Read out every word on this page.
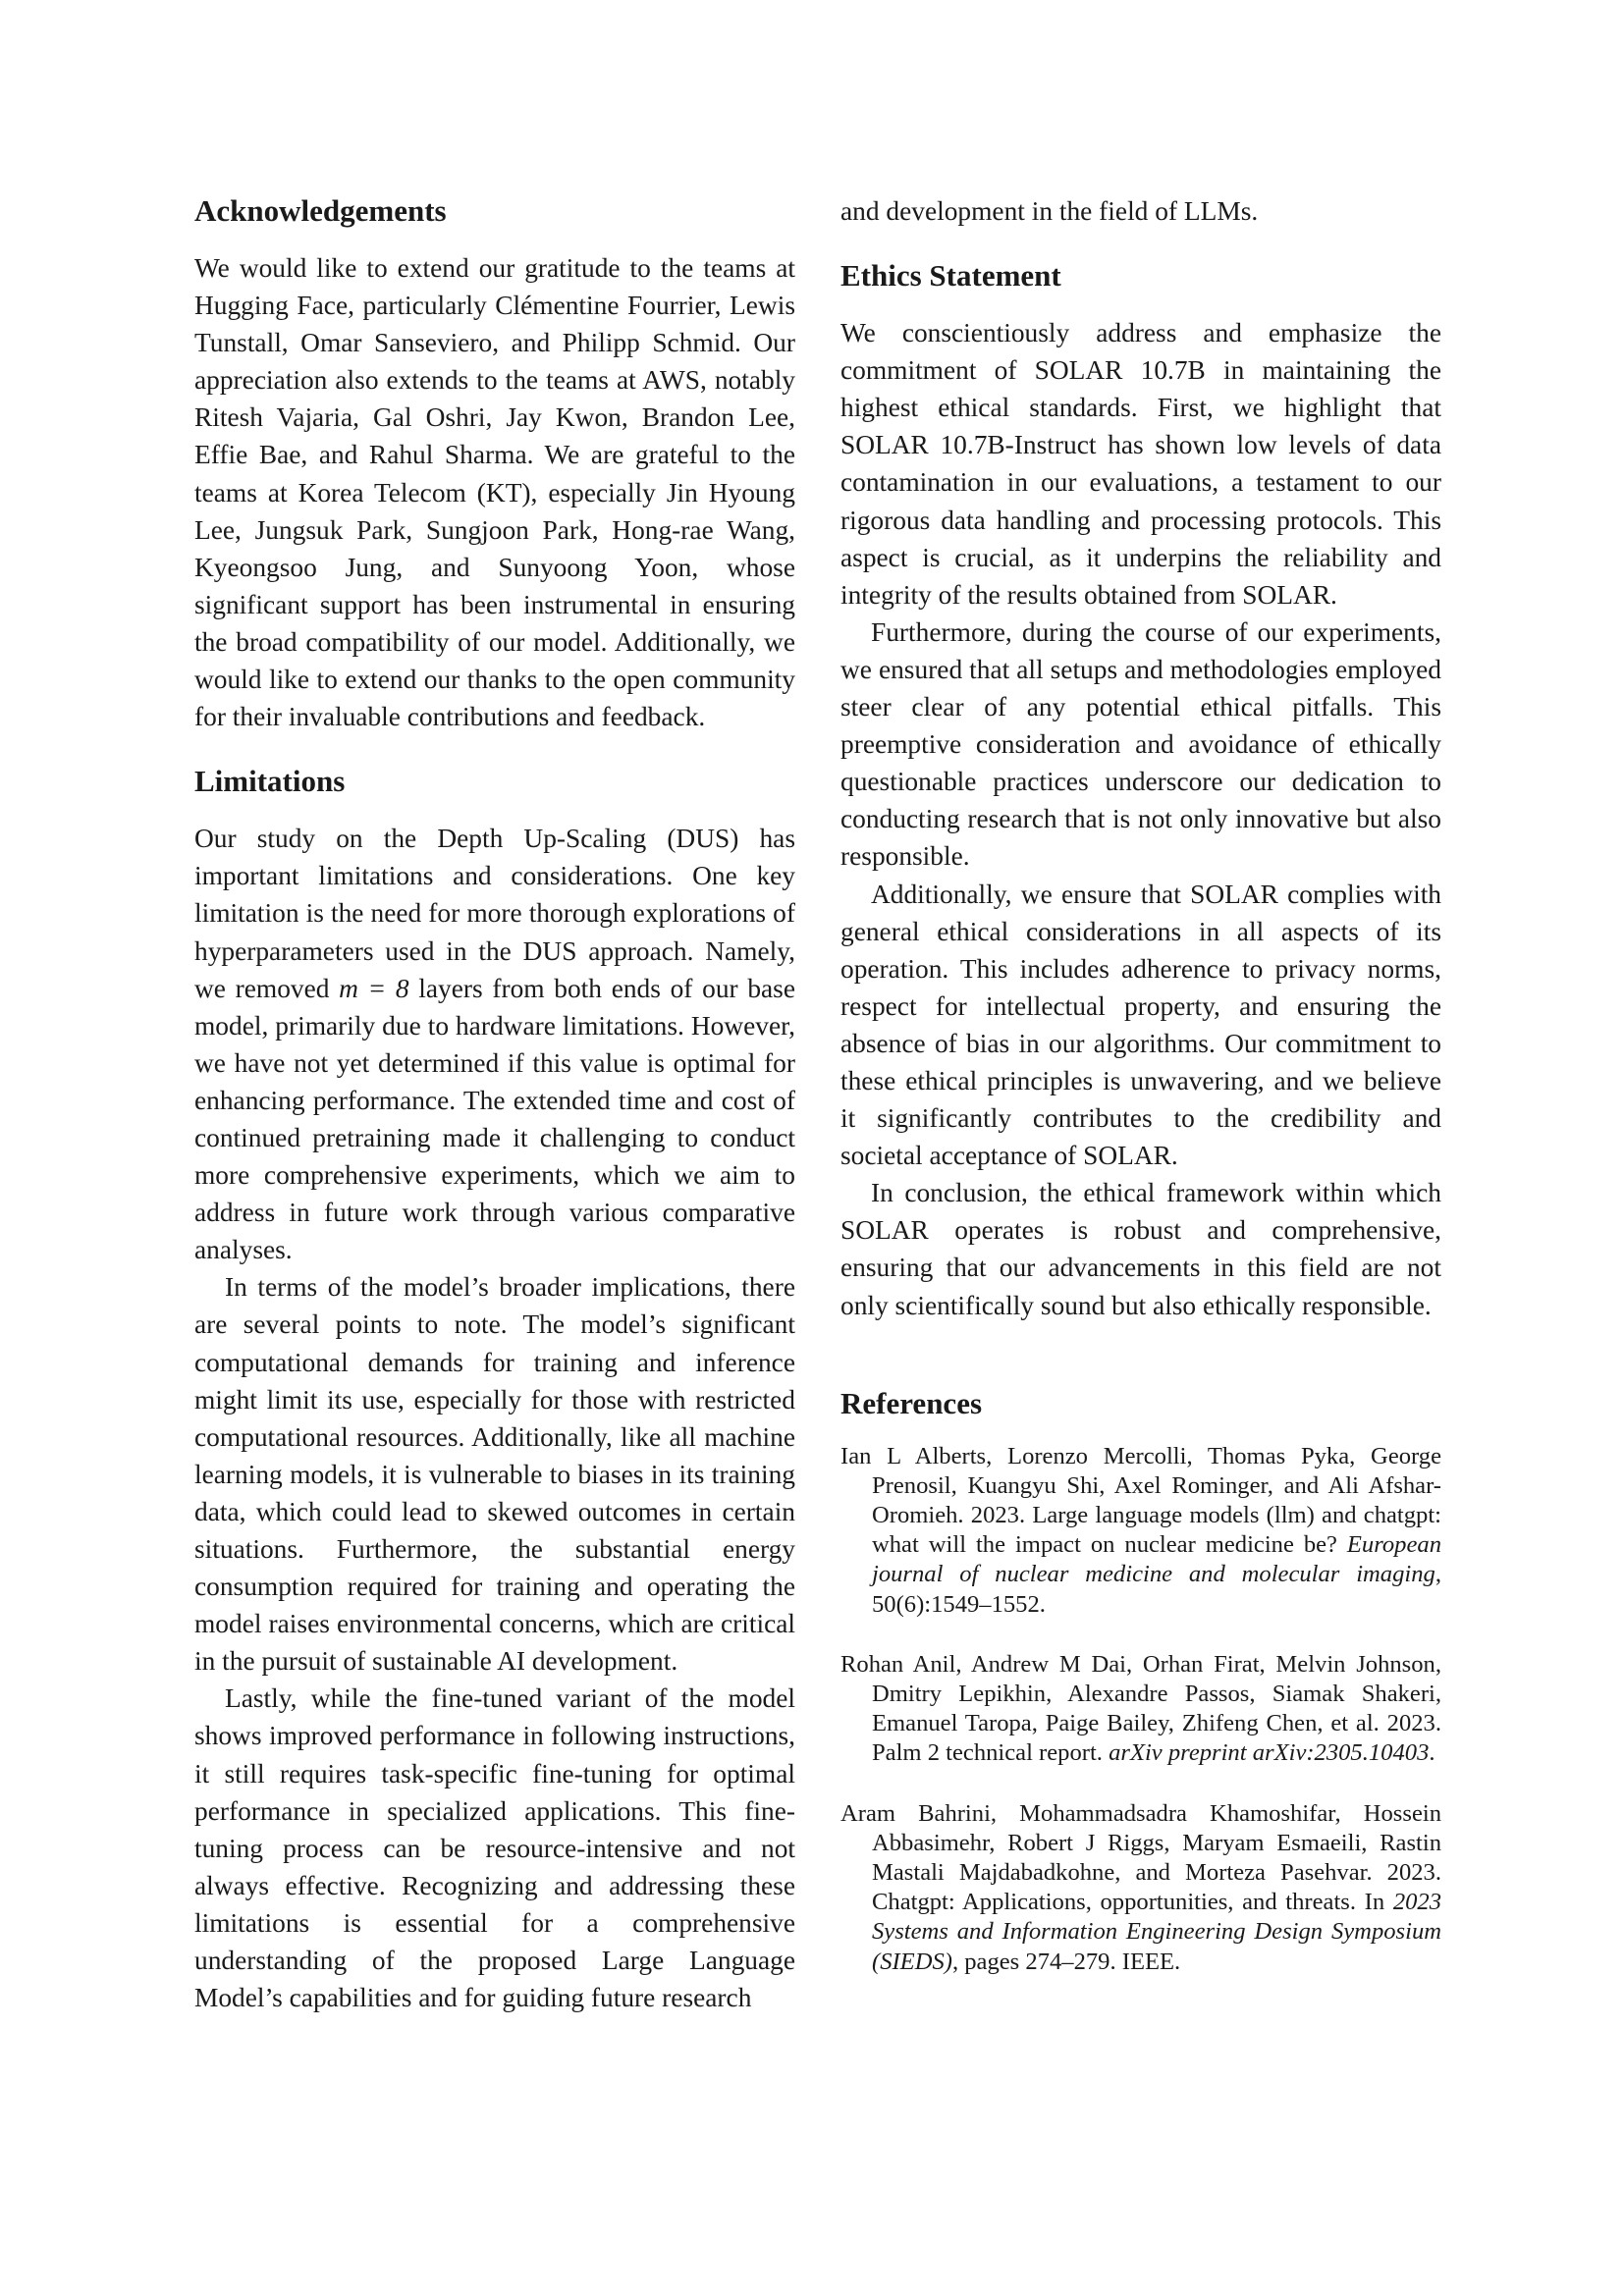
Acknowledgements

We would like to extend our gratitude to the teams at Hugging Face, particularly Clémentine Fourrier, Lewis Tunstall, Omar Sanseviero, and Philipp Schmid. Our appreciation also extends to the teams at AWS, notably Ritesh Vajaria, Gal Oshri, Jay Kwon, Brandon Lee, Effie Bae, and Rahul Sharma. We are grateful to the teams at Korea Telecom (KT), especially Jin Hyoung Lee, Jungsuk Park, Sungjoon Park, Hong-rae Wang, Kyeongsoo Jung, and Sunyoong Yoon, whose significant support has been instrumental in ensuring the broad compatibility of our model. Additionally, we would like to extend our thanks to the open community for their invaluable contributions and feedback.

Limitations

Our study on the Depth Up-Scaling (DUS) has important limitations and considerations. One key limitation is the need for more thorough explorations of hyperparameters used in the DUS approach. Namely, we removed m = 8 layers from both ends of our base model, primarily due to hardware limitations. However, we have not yet determined if this value is optimal for enhancing performance. The extended time and cost of continued pretraining made it challenging to conduct more comprehensive experiments, which we aim to address in future work through various comparative analyses.

In terms of the model’s broader implications, there are several points to note. The model’s significant computational demands for training and inference might limit its use, especially for those with restricted computational resources. Additionally, like all machine learning models, it is vulnerable to biases in its training data, which could lead to skewed outcomes in certain situations. Furthermore, the substantial energy consumption required for training and operating the model raises environmental concerns, which are critical in the pursuit of sustainable AI development.

Lastly, while the fine-tuned variant of the model shows improved performance in following instructions, it still requires task-specific fine-tuning for optimal performance in specialized applications. This fine-tuning process can be resource-intensive and not always effective. Recognizing and addressing these limitations is essential for a comprehensive understanding of the proposed Large Language Model’s capabilities and for guiding future research

and development in the field of LLMs.

Ethics Statement

We conscientiously address and emphasize the commitment of SOLAR 10.7B in maintaining the highest ethical standards. First, we highlight that SOLAR 10.7B-Instruct has shown low levels of data contamination in our evaluations, a testament to our rigorous data handling and processing protocols. This aspect is crucial, as it underpins the reliability and integrity of the results obtained from SOLAR.

Furthermore, during the course of our experiments, we ensured that all setups and methodologies employed steer clear of any potential ethical pitfalls. This preemptive consideration and avoidance of ethically questionable practices underscore our dedication to conducting research that is not only innovative but also responsible.

Additionally, we ensure that SOLAR complies with general ethical considerations in all aspects of its operation. This includes adherence to privacy norms, respect for intellectual property, and ensuring the absence of bias in our algorithms. Our commitment to these ethical principles is unwavering, and we believe it significantly contributes to the credibility and societal acceptance of SOLAR.

In conclusion, the ethical framework within which SOLAR operates is robust and comprehensive, ensuring that our advancements in this field are not only scientifically sound but also ethically responsible.

References
Ian L Alberts, Lorenzo Mercolli, Thomas Pyka, George Prenosil, Kuangyu Shi, Axel Rominger, and Ali Afshar-Oromieh. 2023. Large language models (llm) and chatgpt: what will the impact on nuclear medicine be? European journal of nuclear medicine and molecular imaging, 50(6):1549–1552.
Rohan Anil, Andrew M Dai, Orhan Firat, Melvin Johnson, Dmitry Lepikhin, Alexandre Passos, Siamak Shakeri, Emanuel Taropa, Paige Bailey, Zhifeng Chen, et al. 2023. Palm 2 technical report. arXiv preprint arXiv:2305.10403.
Aram Bahrini, Mohammadsadra Khamoshifar, Hossein Abbasimehr, Robert J Riggs, Maryam Esmaeili, Rastin Mastali Majdabadkohne, and Morteza Pasehvar. 2023. Chatgpt: Applications, opportunities, and threats. In 2023 Systems and Information Engineering Design Symposium (SIEDS), pages 274–279. IEEE.
